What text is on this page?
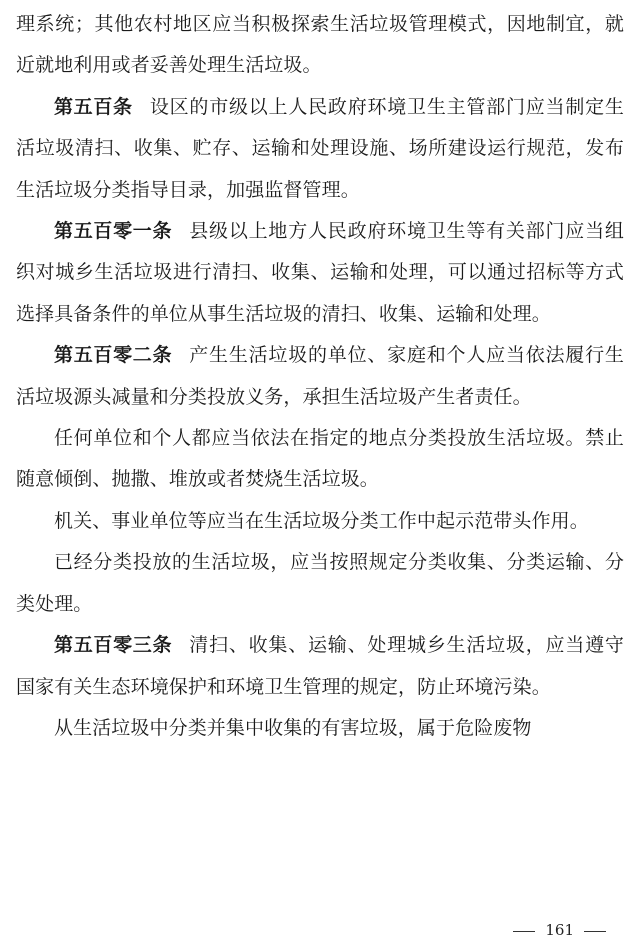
理系统；其他农村地区应当积极探索生活垃圾管理模式，因地制宜，就近就地利用或者妥善处理生活垃圾。

第五百条 设区的市级以上人民政府环境卫生主管部门应当制定生活垃圾清扫、收集、贮存、运输和处理设施、场所建设运行规范，发布生活垃圾分类指导目录，加强监督管理。

第五百零一条 县级以上地方人民政府环境卫生等有关部门应当组织对城乡生活垃圾进行清扫、收集、运输和处理，可以通过招标等方式选择具备条件的单位从事生活垃圾的清扫、收集、运输和处理。

第五百零二条 产生生活垃圾的单位、家庭和个人应当依法履行生活垃圾源头减量和分类投放义务，承担生活垃圾产生者责任。

任何单位和个人都应当依法在指定的地点分类投放生活垃圾。禁止随意倾倒、抛撒、堆放或者焚烧生活垃圾。

机关、事业单位等应当在生活垃圾分类工作中起示范带头作用。

已经分类投放的生活垃圾，应当按照规定分类收集、分类运输、分类处理。

第五百零三条 清扫、收集、运输、处理城乡生活垃圾，应当遵守国家有关生态环境保护和环境卫生管理的规定，防止环境污染。

从生活垃圾中分类并集中收集的有害垃圾，属于危险废物

161
